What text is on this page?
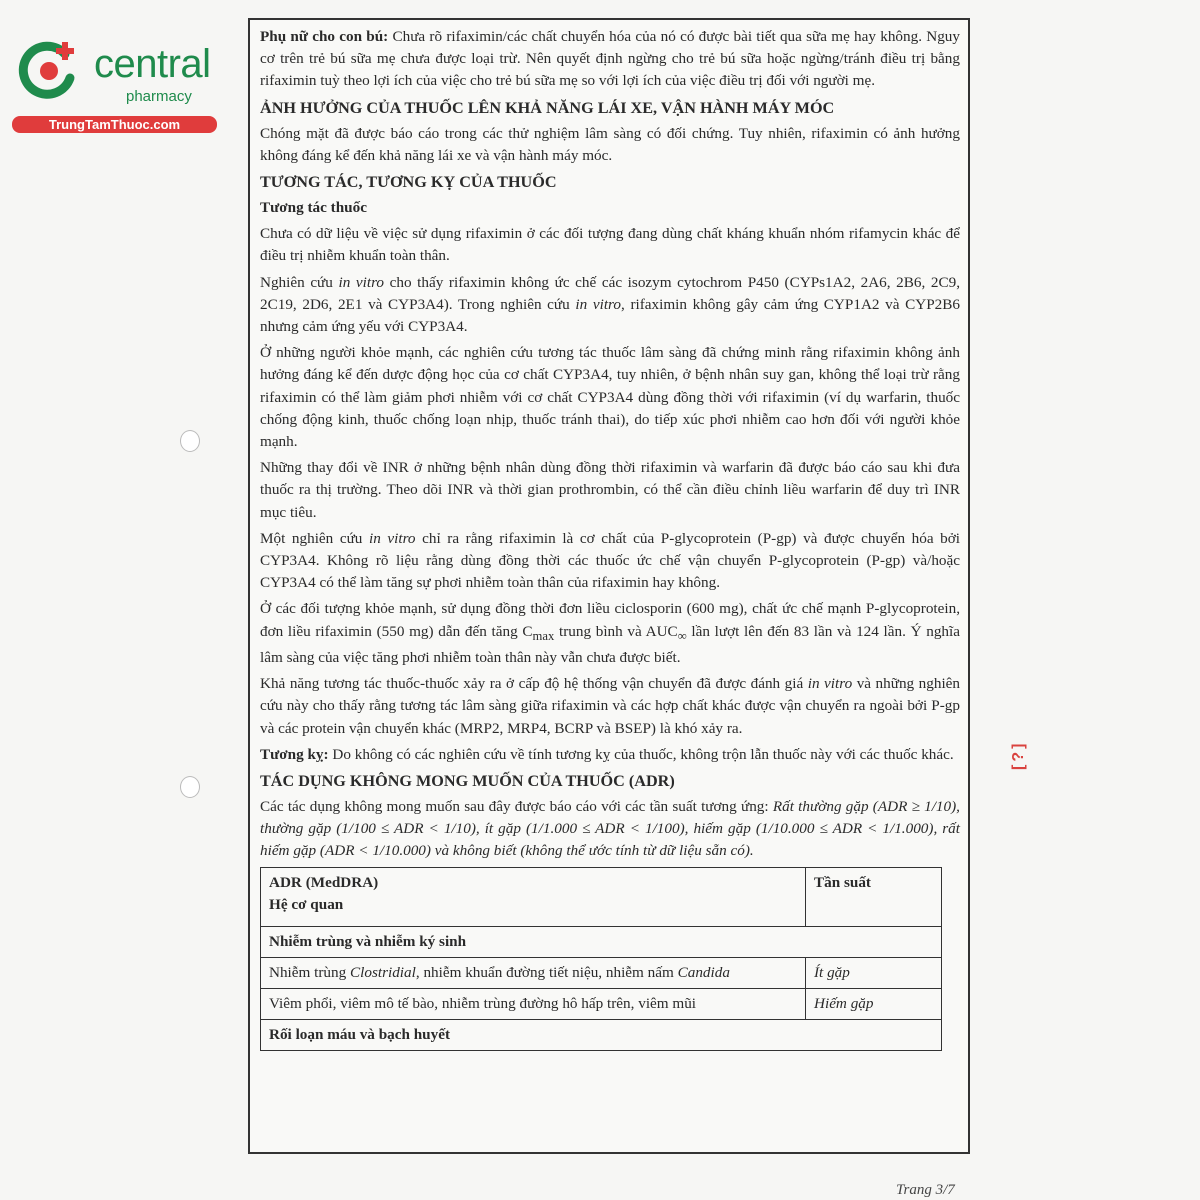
central
pharmacy
TrungTamThuoc.com

Phụ nữ cho con bú: Chưa rõ rifaximin/các chất chuyển hóa của nó có được bài tiết qua sữa mẹ hay không. Nguy cơ trên trẻ bú sữa mẹ chưa được loại trừ. Nên quyết định ngừng cho trẻ bú sữa hoặc ngừng/tránh điều trị bằng rifaximin tuỳ theo lợi ích của việc cho trẻ bú sữa mẹ so với lợi ích của việc điều trị đối với người mẹ.

ẢNH HƯỞNG CỦA THUỐC LÊN KHẢ NĂNG LÁI XE, VẬN HÀNH MÁY MÓC

Chóng mặt đã được báo cáo trong các thử nghiệm lâm sàng có đối chứng. Tuy nhiên, rifaximin có ảnh hưởng không đáng kể đến khả năng lái xe và vận hành máy móc.

TƯƠNG TÁC, TƯƠNG KỴ CỦA THUỐC
Tương tác thuốc

Chưa có dữ liệu về việc sử dụng rifaximin ở các đối tượng đang dùng chất kháng khuẩn nhóm rifamycin khác để điều trị nhiễm khuẩn toàn thân.

Nghiên cứu in vitro cho thấy rifaximin không ức chế các isozym cytochrom P450 (CYPs1A2, 2A6, 2B6, 2C9, 2C19, 2D6, 2E1 và CYP3A4). Trong nghiên cứu in vitro, rifaximin không gây cảm ứng CYP1A2 và CYP2B6 nhưng cảm ứng yếu với CYP3A4.

Ở những người khỏe mạnh, các nghiên cứu tương tác thuốc lâm sàng đã chứng minh rằng rifaximin không ảnh hưởng đáng kể đến dược động học của cơ chất CYP3A4, tuy nhiên, ở bệnh nhân suy gan, không thể loại trừ rằng rifaximin có thể làm giảm phơi nhiễm với cơ chất CYP3A4 dùng đồng thời với rifaximin (ví dụ warfarin, thuốc chống động kinh, thuốc chống loạn nhịp, thuốc tránh thai), do tiếp xúc phơi nhiễm cao hơn đối với người khỏe mạnh.

Những thay đổi về INR ở những bệnh nhân dùng đồng thời rifaximin và warfarin đã được báo cáo sau khi đưa thuốc ra thị trường. Theo dõi INR và thời gian prothrombin, có thể cần điều chỉnh liều warfarin để duy trì INR mục tiêu.

Một nghiên cứu in vitro chỉ ra rằng rifaximin là cơ chất của P-glycoprotein (P-gp) và được chuyển hóa bởi CYP3A4. Không rõ liệu rằng dùng đồng thời các thuốc ức chế vận chuyển P-glycoprotein (P-gp) và/hoặc CYP3A4 có thể làm tăng sự phơi nhiễm toàn thân của rifaximin hay không.

Ở các đối tượng khỏe mạnh, sử dụng đồng thời đơn liều ciclosporin (600 mg), chất ức chế mạnh P-glycoprotein, đơn liều rifaximin (550 mg) dẫn đến tăng $C_{max}$ trung bình và $AUC_\infty$ lần lượt lên đến 83 lần và 124 lần. Ý nghĩa lâm sàng của việc tăng phơi nhiễm toàn thân này vẫn chưa được biết.

Khả năng tương tác thuốc-thuốc xảy ra ở cấp độ hệ thống vận chuyển đã được đánh giá in vitro và những nghiên cứu này cho thấy rằng tương tác lâm sàng giữa rifaximin và các hợp chất khác được vận chuyển ra ngoài bởi P-gp và các protein vận chuyển khác (MRP2, MRP4, BCRP và BSEP) là khó xảy ra.

Tương kỵ: Do không có các nghiên cứu về tính tương kỵ của thuốc, không trộn lẫn thuốc này với các thuốc khác.

TÁC DỤNG KHÔNG MONG MUỐN CỦA THUỐC (ADR)

Các tác dụng không mong muốn sau đây được báo cáo với các tần suất tương ứng: Rất thường gặp (ADR ≥ 1/10), thường gặp (1/100 ≤ ADR < 1/10), ít gặp (1/1.000 ≤ ADR < 1/100), hiếm gặp (1/10.000 ≤ ADR < 1/1.000), rất hiếm gặp (ADR < 1/10.000) và không biết (không thể ước tính từ dữ liệu sẵn có).

ADR (MedDRA)
Hệ cơ quan	Tần suất
Nhiễm trùng và nhiễm ký sinh	
Nhiễm trùng Clostridial, nhiễm khuẩn đường tiết niệu, nhiễm nấm Candida	Ít gặp
Viêm phổi, viêm mô tế bào, nhiễm trùng đường hô hấp trên, viêm mũi	Hiếm gặp
Rối loạn máu và bạch huyết	
[?]
Trang 3/7
